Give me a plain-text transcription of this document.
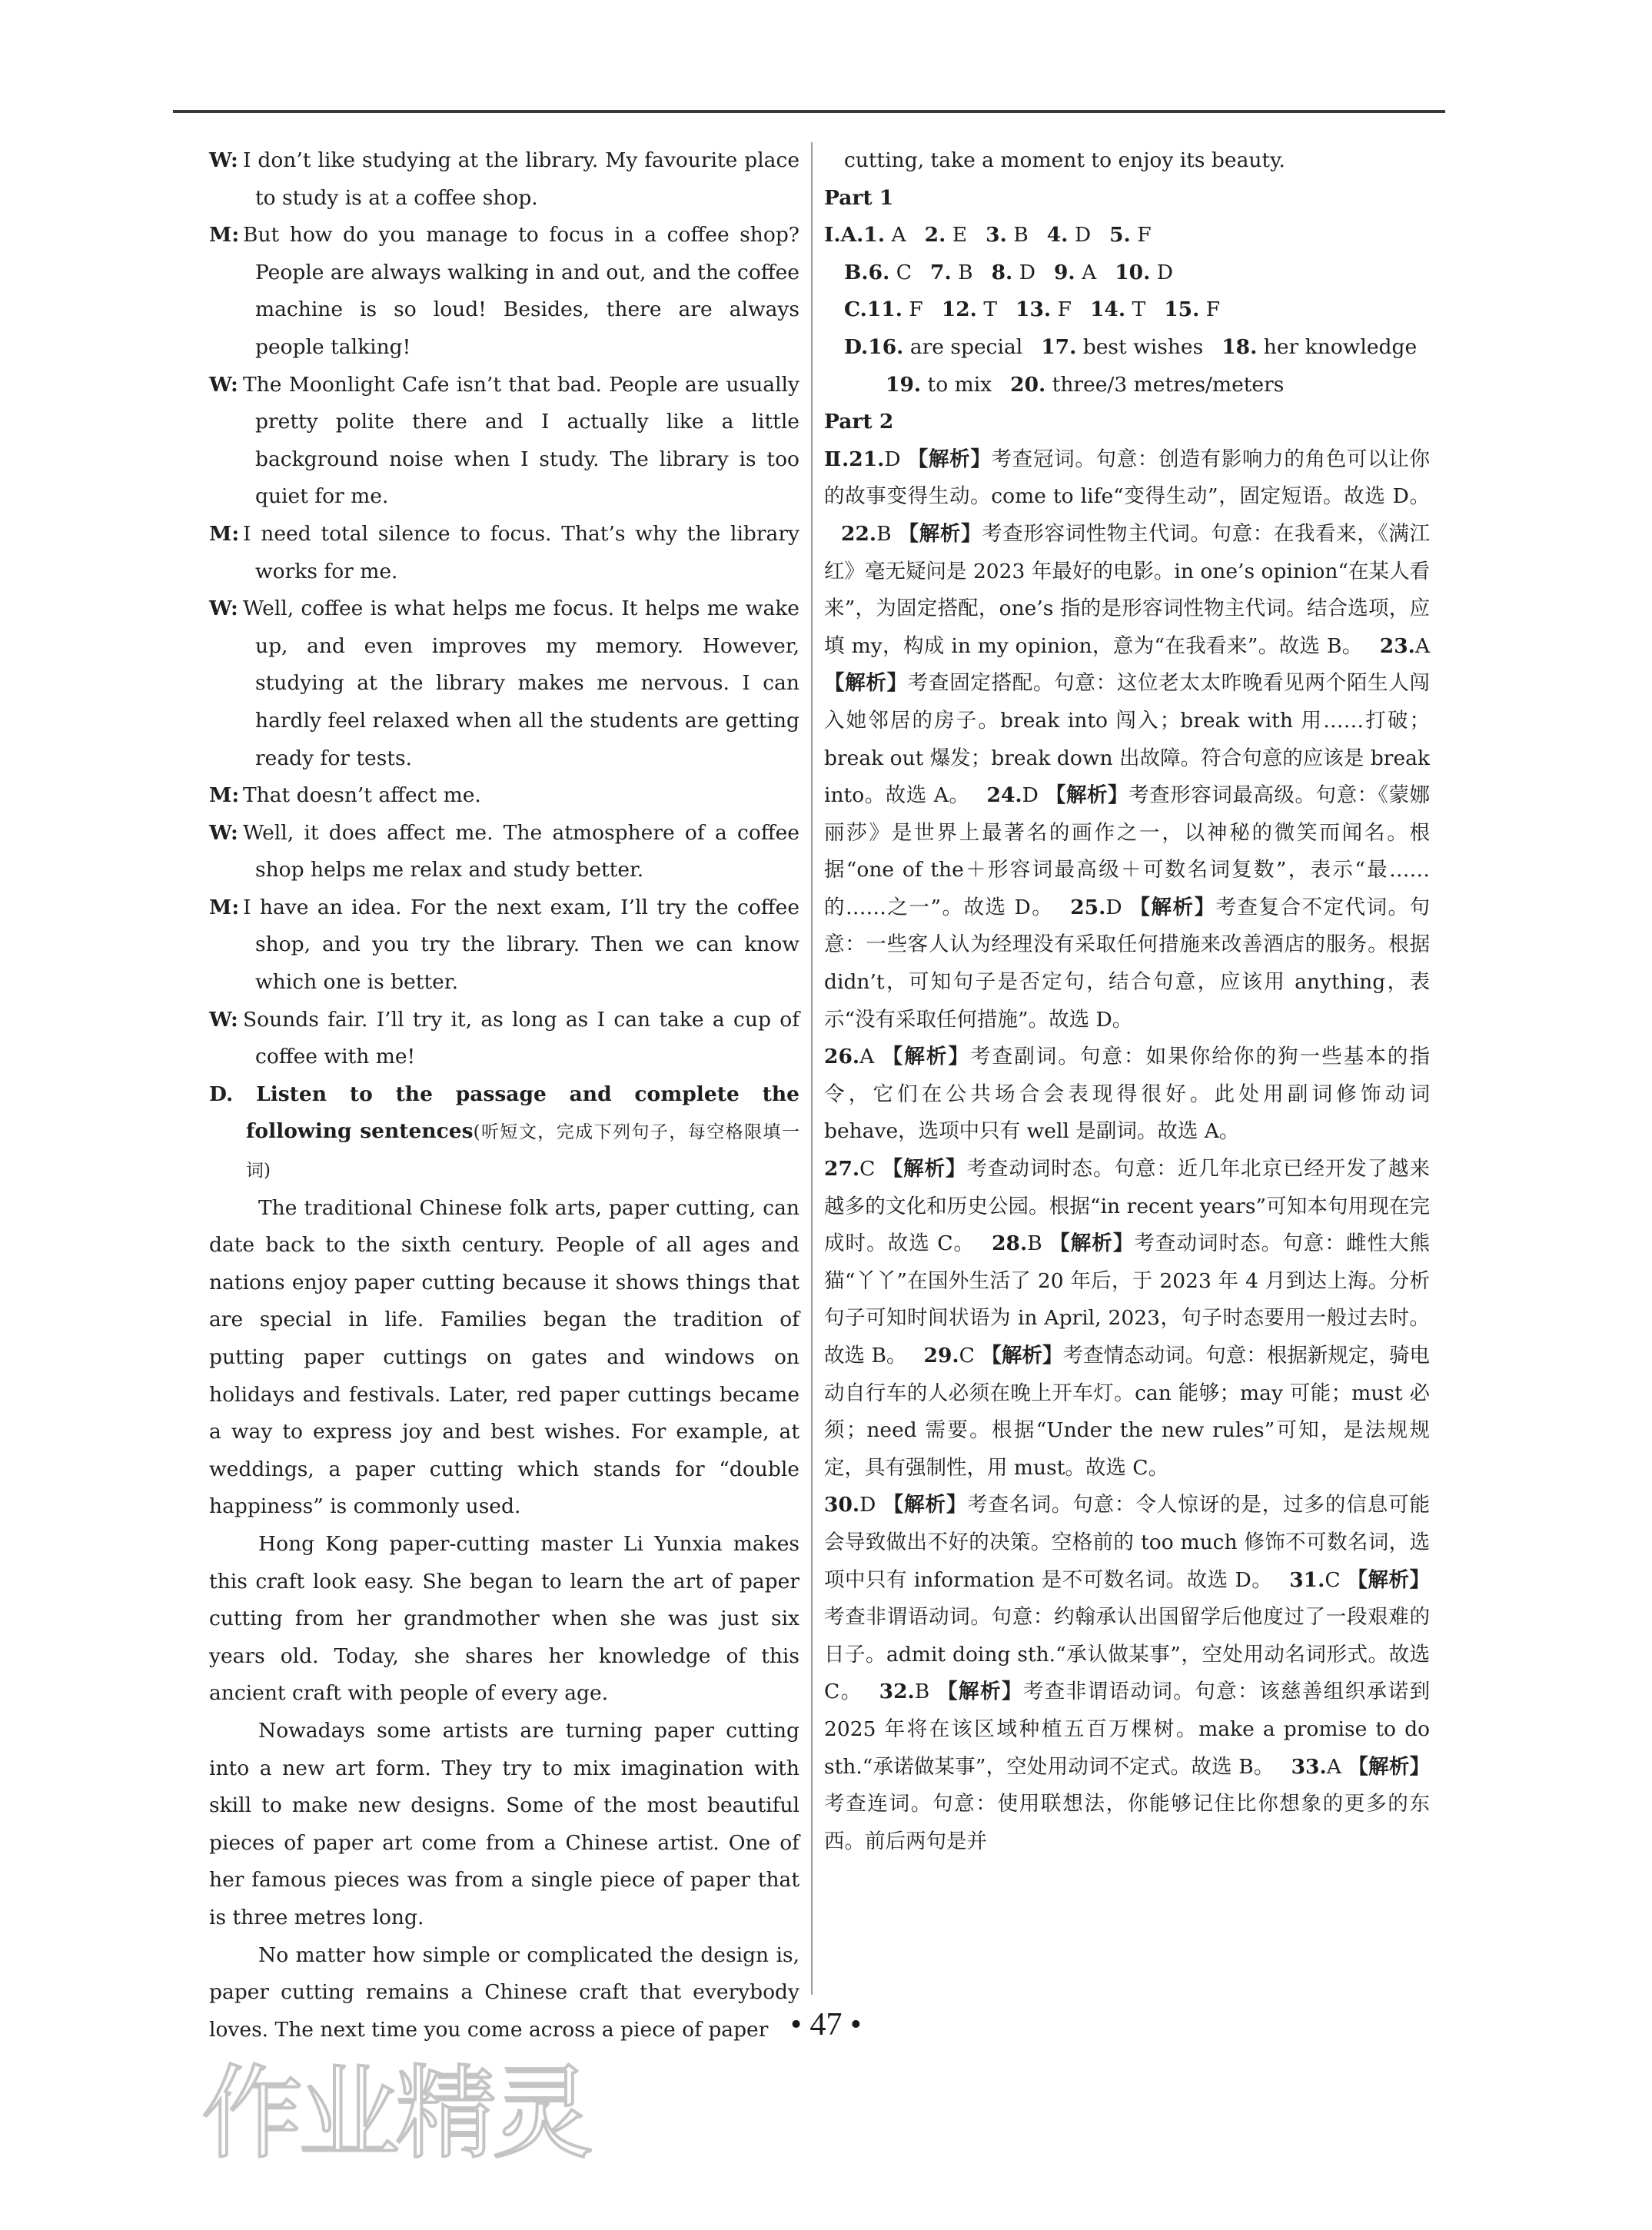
W: I don’t like studying at the library. My favourite place to study is at a coffee shop.
M: But how do you manage to focus in a coffee shop? People are always walking in and out, and the coffee machine is so loud! Besides, there are always people talking!
W: The Moonlight Cafe isn’t that bad. People are usually pretty polite there and I actually like a little background noise when I study. The library is too quiet for me.
M: I need total silence to focus. That’s why the library works for me.
W: Well, coffee is what helps me focus. It helps me wake up, and even improves my memory. However, studying at the library makes me nervous. I can hardly feel relaxed when all the students are getting ready for tests.
M: That doesn’t affect me.
W: Well, it does affect me. The atmosphere of a coffee shop helps me relax and study better.
M: I have an idea. For the next exam, I’ll try the coffee shop, and you try the library. Then we can know which one is better.
W: Sounds fair. I’ll try it, as long as I can take a cup of coffee with me!
D. Listen to the passage and complete the following sentences(听短文，完成下列句子，每空格限填一词)
The traditional Chinese folk arts, paper cutting, can date back to the sixth century. People of all ages and nations enjoy paper cutting because it shows things that are special in life. Families began the tradition of putting paper cuttings on gates and windows on holidays and festivals. Later, red paper cuttings became a way to express joy and best wishes. For example, at weddings, a paper cutting which stands for “double happiness” is commonly used.
Hong Kong paper-cutting master Li Yunxia makes this craft look easy. She began to learn the art of paper cutting from her grandmother when she was just six years old. Today, she shares her knowledge of this ancient craft with people of every age.
Nowadays some artists are turning paper cutting into a new art form. They try to mix imagination with skill to make new designs. Some of the most beautiful pieces of paper art come from a Chinese artist. One of her famous pieces was from a single piece of paper that is three metres long.
No matter how simple or complicated the design is, paper cutting remains a Chinese craft that everybody loves. The next time you come across a piece of paper
cutting, take a moment to enjoy its beauty.
Part 1
Ⅰ.A.1. A 2. E 3. B 4. D 5. F
B.6. C 7. B 8. D 9. A 10. D
C.11. F 12. T 13. F 14. T 15. F
D.16. are special 17. best wishes 18. her knowledge
19. to mix 20. three/3 metres/meters
Part 2
Ⅱ.21.D 【解析】考查冠词。句意：创造有影响力的角色可以让你的故事变得生动。come to life“变得生动”，固定短语。故选 D。22.B 【解析】考查形容词性物主代词。句意：在我看来，《满江红》毫无疑问是 2023 年最好的电影。in one’s opinion“在某人看来”，为固定搭配，one’s 指的是形容词性物主代词。结合选项，应填 my，构成 in my opinion，意为“在我看来”。故选 B。 23.A 【解析】考查固定搭配。句意：这位老太太昨晚看见两个陌生人闯入她邻居的房子。break into 闯入；break with 用……打破；break out 爆发；break down 出故障。符合句意的应该是 break into。故选 A。 24.D 【解析】考查形容词最高级。句意：《蒙娜丽莎》是世界上最著名的画作之一，以神秘的微笑而闻名。根据“one of the＋形容词最高级＋可数名词复数”，表示“最……的……之一”。故选 D。 25.D 【解析】考查复合不定代词。句意：一些客人认为经理没有采取任何措施来改善酒店的服务。根据 didn’t，可知句子是否定句，结合句意，应该用 anything，表示“没有采取任何措施”。故选 D。
26.A 【解析】考查副词。句意：如果你给你的狗一些基本的指令，它们在公共场合会表现得很好。此处用副词修饰动词 behave，选项中只有 well 是副词。故选 A。
27.C 【解析】考查动词时态。句意：近几年北京已经开发了越来越多的文化和历史公园。根据“in recent years”可知本句用现在完成时。故选 C。 28.B 【解析】考查动词时态。句意：雌性大熊猫“丫丫”在国外生活了 20 年后，于 2023 年 4 月到达上海。分析句子可知时间状语为 in April, 2023，句子时态要用一般过去时。故选 B。 29.C 【解析】考查情态动词。句意：根据新规定，骑电动自行车的人必须在晚上开车灯。can 能够；may 可能；must 必须；need 需要。根据“Under the new rules”可知，是法规规定，具有强制性，用 must。故选 C。
30.D 【解析】考查名词。句意：令人惊讶的是，过多的信息可能会导致做出不好的决策。空格前的 too much 修饰不可数名词，选项中只有 information 是不可数名词。故选 D。 31.C 【解析】考查非谓语动词。句意：约翰承认出国留学后他度过了一段艰难的日子。admit doing sth.“承认做某事”，空处用动名词形式。故选 C。 32.B 【解析】考查非谓语动词。句意：该慈善组织承诺到 2025 年将在该区域种植五百万棵树。make a promise to do sth.“承诺做某事”，空处用动词不定式。故选 B。 33.A 【解析】考查连词。句意：使用联想法，你能够记住比你想象的更多的东西。前后两句是并
• 47 •
作业精灵
